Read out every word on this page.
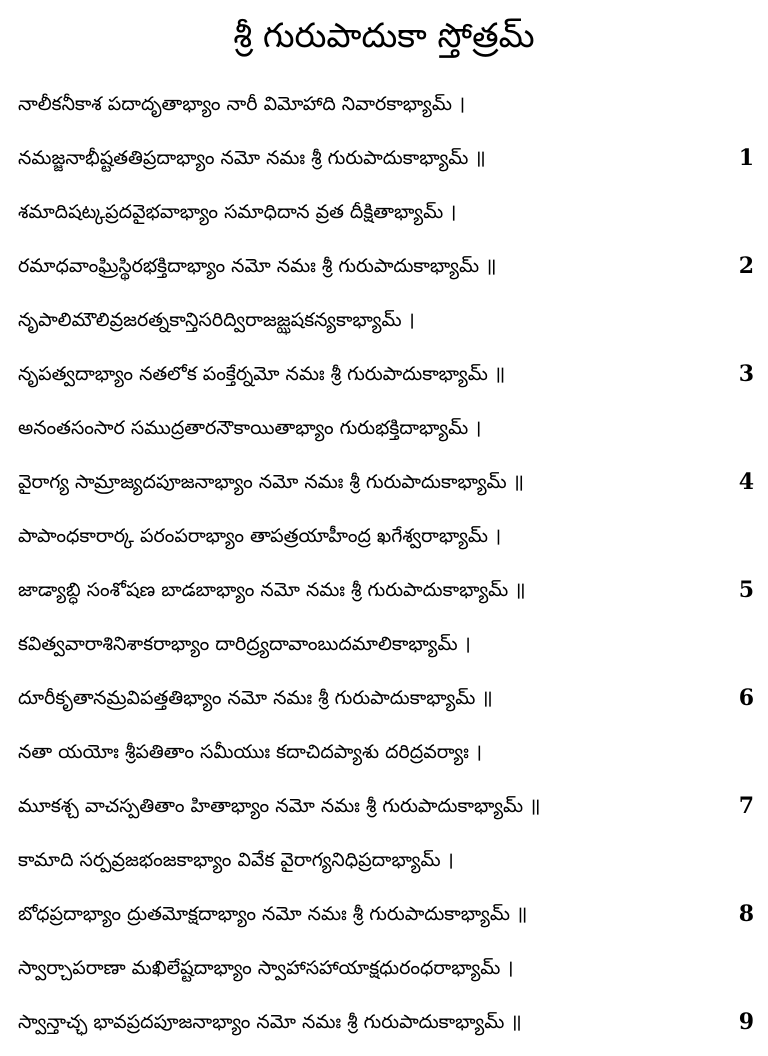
శ్రీ గురుపాదుకా స్తోత్రమ్
నాలీకనీకాశ పదాదృతాభ్యాం నారీ విమోహాది నివారకాభ్యామ్ ।
నమజ్జనాభీష్టతతిప్రదాభ్యాం నమో నమః శ్రీ గురుపాదుకాభ్యామ్ ॥	1
శమాదిషట్కప్రదవైభవాభ్యాం సమాధిదాన వ్రత దీక్షితాభ్యామ్ ।
రమాధవాంఘ్రిస్థిరభక్తిదాభ్యాం నమో నమః శ్రీ గురుపాదుకాభ్యామ్ ॥	2
నృపాలిమౌలివ్రజరత్నకాన్తిసరిద్విరాజజ్ఝషకన్యకాభ్యామ్ ।
నృపత్వదాభ్యాం నతలోక పంక్తేర్నమో నమః శ్రీ గురుపాదుకాభ్యామ్ ॥	3
అనంతసంసార సముద్రతారనౌకాయితాభ్యాం గురుభక్తిదాభ్యామ్ ।
వైరాగ్య సామ్రాజ్యదపూజనాభ్యాం నమో నమః శ్రీ గురుపాదుకాభ్యామ్ ॥	4
పాపాంధకారార్క పరంపరాభ్యాం తాపత్రయాహీంద్ర ఖగేశ్వరాభ్యామ్ ।
జాడ్యాబ్ధి సంశోషణ బాడబాభ్యాం నమో నమః శ్రీ గురుపాదుకాభ్యామ్ ॥	5
కవిత్వవారాశినిశాకరాభ్యాం దారిద్ర్యదావాంబుదమాలికాభ్యామ్ ।
దూరీకృతానమ్రవిపత్తతిభ్యాం నమో నమః శ్రీ గురుపాదుకాభ్యామ్ ॥	6
నతా యయోః శ్రీపతితాం సమీయుః కదాచిదప్యాశు దరిద్రవర్యాః ।
మూకశ్చ వాచస్పతితాం హితాభ్యాం నమో నమః శ్రీ గురుపాదుకాభ్యామ్ ॥	7
కామాది సర్పవ్రజభంజకాభ్యాం వివేక వైరాగ్యనిధిప్రదాభ్యామ్ ।
బోధప్రదాభ్యాం ద్రుతమోక్షదాభ్యాం నమో నమః శ్రీ గురుపాదుకాభ్యామ్ ॥	8
స్వార్చాపరాణా మఖిలేష్టదాభ్యాం స్వాహాసహాయాక్షధురంధరాభ్యామ్ ।
స్వాన్తాచ్ఛ భావప్రదపూజనాభ్యాం నమో నమః శ్రీ గురుపాదుకాభ్యామ్ ॥	9
